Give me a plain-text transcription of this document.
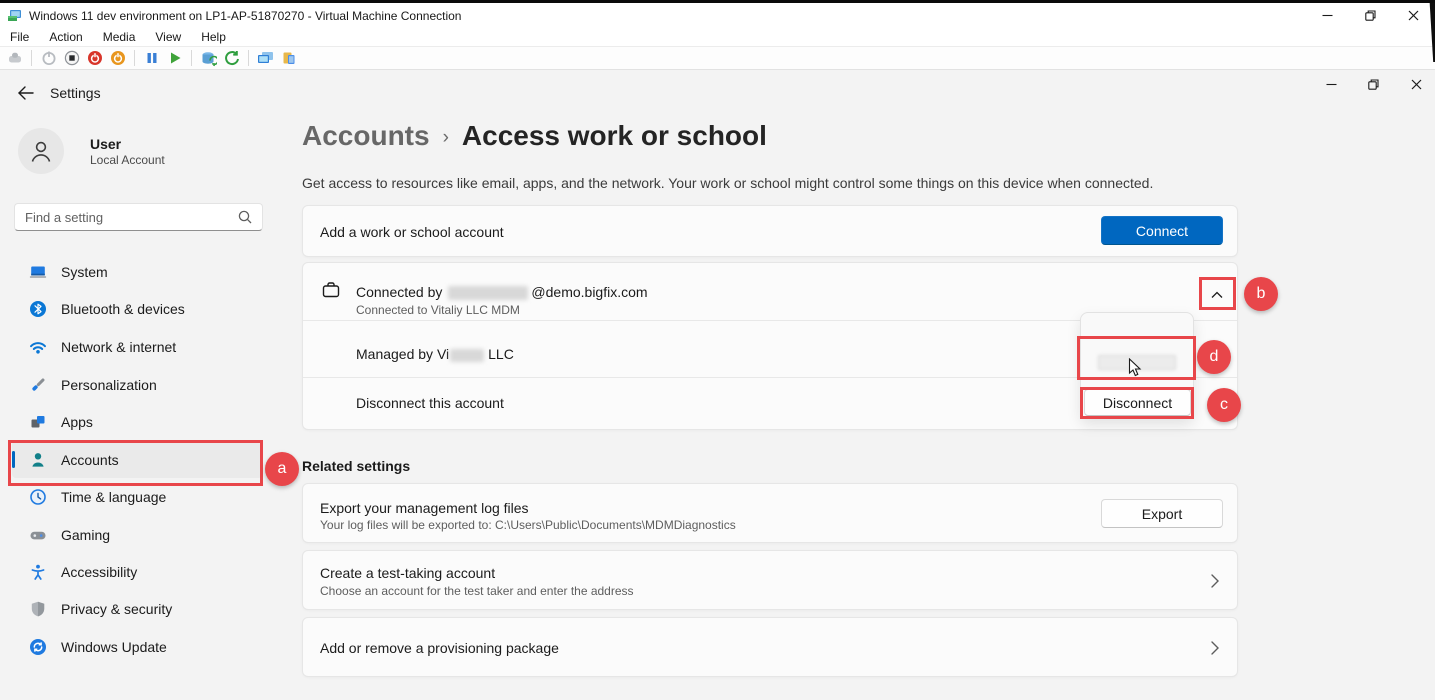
Windows 11 dev environment on LP1-AP-51870270 - Virtual Machine Connection
File	Action	Media	View	Help
Settings
User
Local Account
Find a setting
System
Bluetooth & devices
Network & internet
Personalization
Apps
Accounts
Time & language
Gaming
Accessibility
Privacy & security
Windows Update
Accounts › Access work or school
Get access to resources like email, apps, and the network. Your work or school might control some things on this device when connected.
Add a work or school account	Connect
Connected by	@demo.bigfix.com
Connected to Vitaliy LLC MDM
Managed by Vi	LLC
Disconnect this account	Disconnect
Related settings
Export your management log files
Your log files will be exported to: C:\Users\Public\Documents\MDMDiagnostics
Export
Create a test-taking account
Choose an account for the test taker and enter the address
Add or remove a provisioning package
a
b
d
c
